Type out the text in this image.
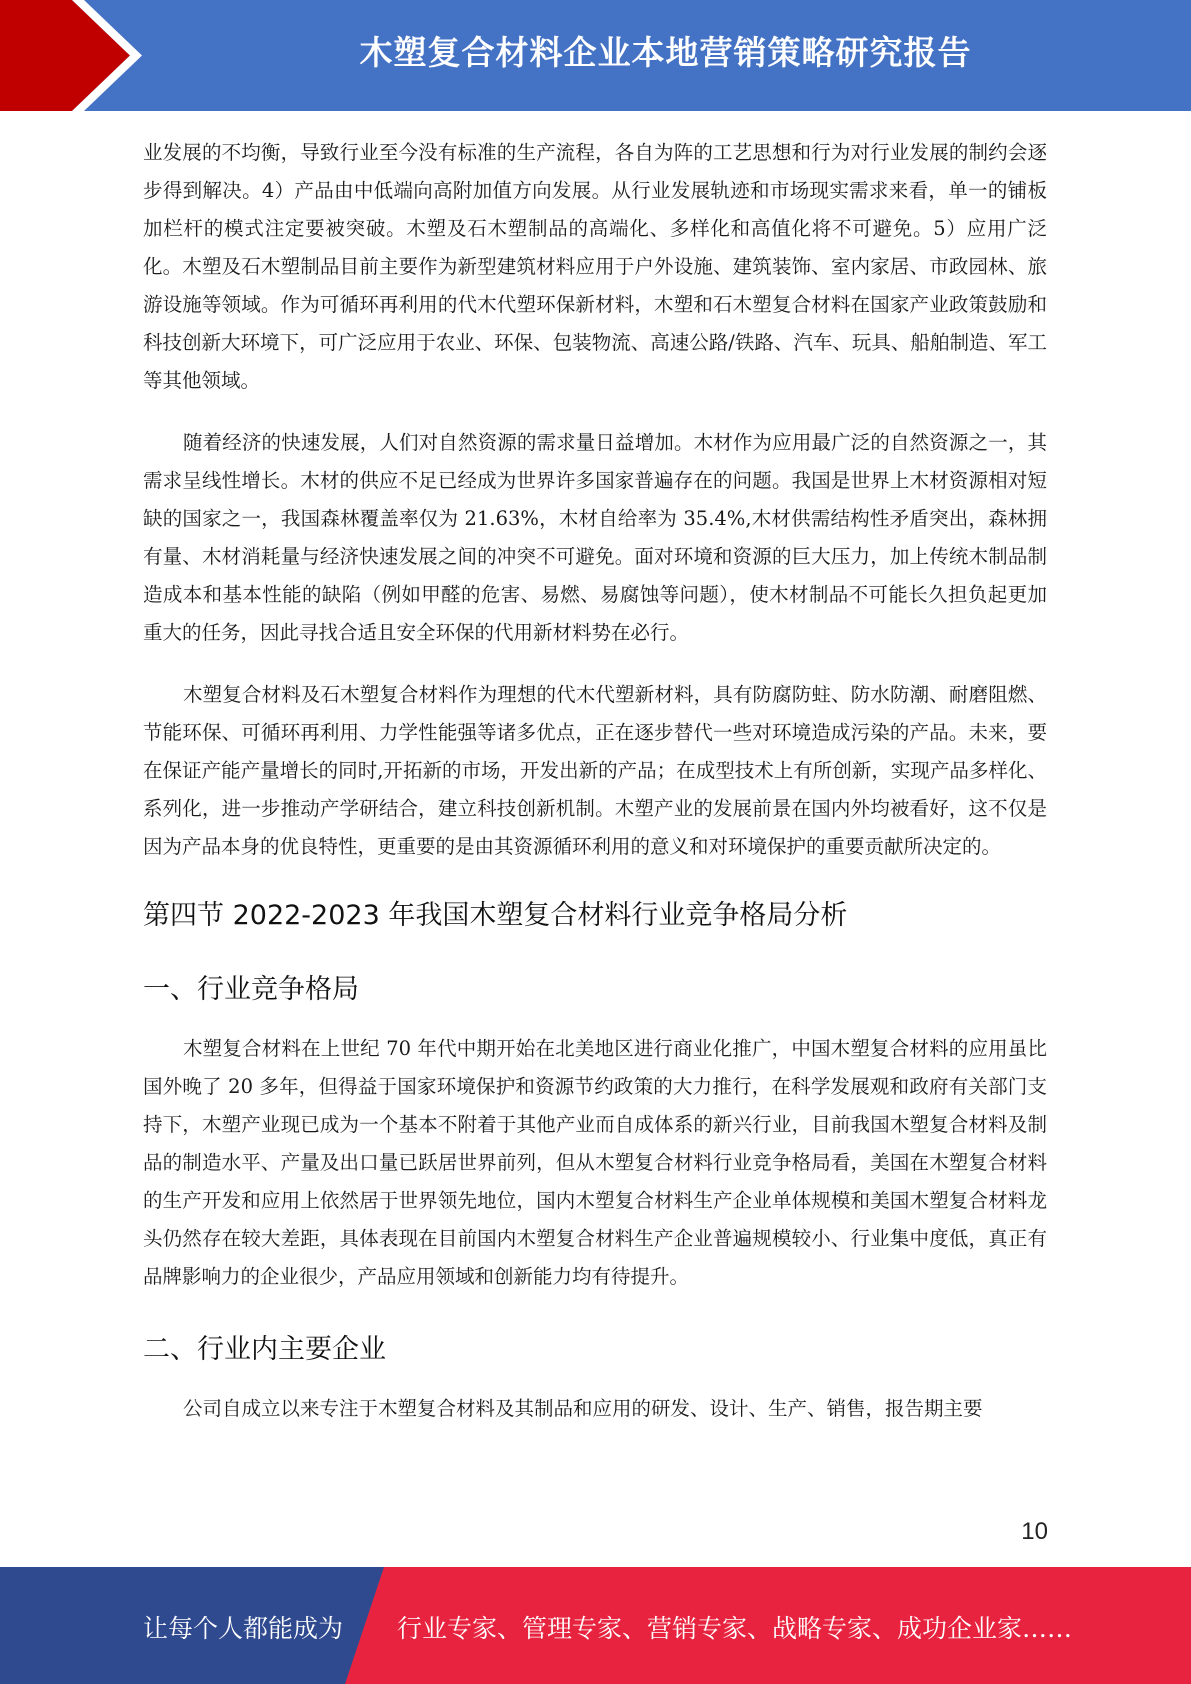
木塑复合材料企业本地营销策略研究报告

业发展的不均衡，导致行业至今没有标准的生产流程，各自为阵的工艺思想和行为对行业发展的制约会逐步得到解决。4）产品由中低端向高附加值方向发展。从行业发展轨迹和市场现实需求来看，单一的铺板加栏杆的模式注定要被突破。木塑及石木塑制品的高端化、多样化和高值化将不可避免。5）应用广泛化。木塑及石木塑制品目前主要作为新型建筑材料应用于户外设施、建筑装饰、室内家居、市政园林、旅游设施等领域。作为可循环再利用的代木代塑环保新材料，木塑和石木塑复合材料在国家产业政策鼓励和科技创新大环境下，可广泛应用于农业、环保、包装物流、高速公路/铁路、汽车、玩具、船舶制造、军工等其他领域。

随着经济的快速发展，人们对自然资源的需求量日益增加。木材作为应用最广泛的自然资源之一，其需求呈线性增长。木材的供应不足已经成为世界许多国家普遍存在的问题。我国是世界上木材资源相对短缺的国家之一，我国森林覆盖率仅为 21.63%，木材自给率为 35.4%,木材供需结构性矛盾突出，森林拥有量、木材消耗量与经济快速发展之间的冲突不可避免。面对环境和资源的巨大压力，加上传统木制品制造成本和基本性能的缺陷（例如甲醛的危害、易燃、易腐蚀等问题），使木材制品不可能长久担负起更加重大的任务，因此寻找合适且安全环保的代用新材料势在必行。

木塑复合材料及石木塑复合材料作为理想的代木代塑新材料，具有防腐防蛀、防水防潮、耐磨阻燃、节能环保、可循环再利用、力学性能强等诸多优点，正在逐步替代一些对环境造成污染的产品。未来，要在保证产能产量增长的同时,开拓新的市场，开发出新的产品；在成型技术上有所创新，实现产品多样化、系列化，进一步推动产学研结合，建立科技创新机制。木塑产业的发展前景在国内外均被看好，这不仅是因为产品本身的优良特性，更重要的是由其资源循环利用的意义和对环境保护的重要贡献所决定的。

第四节 2022-2023 年我国木塑复合材料行业竞争格局分析
一、行业竞争格局

木塑复合材料在上世纪 70 年代中期开始在北美地区进行商业化推广，中国木塑复合材料的应用虽比国外晚了 20 多年，但得益于国家环境保护和资源节约政策的大力推行，在科学发展观和政府有关部门支持下，木塑产业现已成为一个基本不附着于其他产业而自成体系的新兴行业，目前我国木塑复合材料及制品的制造水平、产量及出口量已跃居世界前列，但从木塑复合材料行业竞争格局看，美国在木塑复合材料的生产开发和应用上依然居于世界领先地位，国内木塑复合材料生产企业单体规模和美国木塑复合材料龙头仍然存在较大差距，具体表现在目前国内木塑复合材料生产企业普遍规模较小、行业集中度低，真正有品牌影响力的企业很少，产品应用领域和创新能力均有待提升。

二、行业内主要企业

公司自成立以来专注于木塑复合材料及其制品和应用的研发、设计、生产、销售，报告期主要

10
让每个人都能成为 行业专家、管理专家、营销专家、战略专家、成功企业家……
